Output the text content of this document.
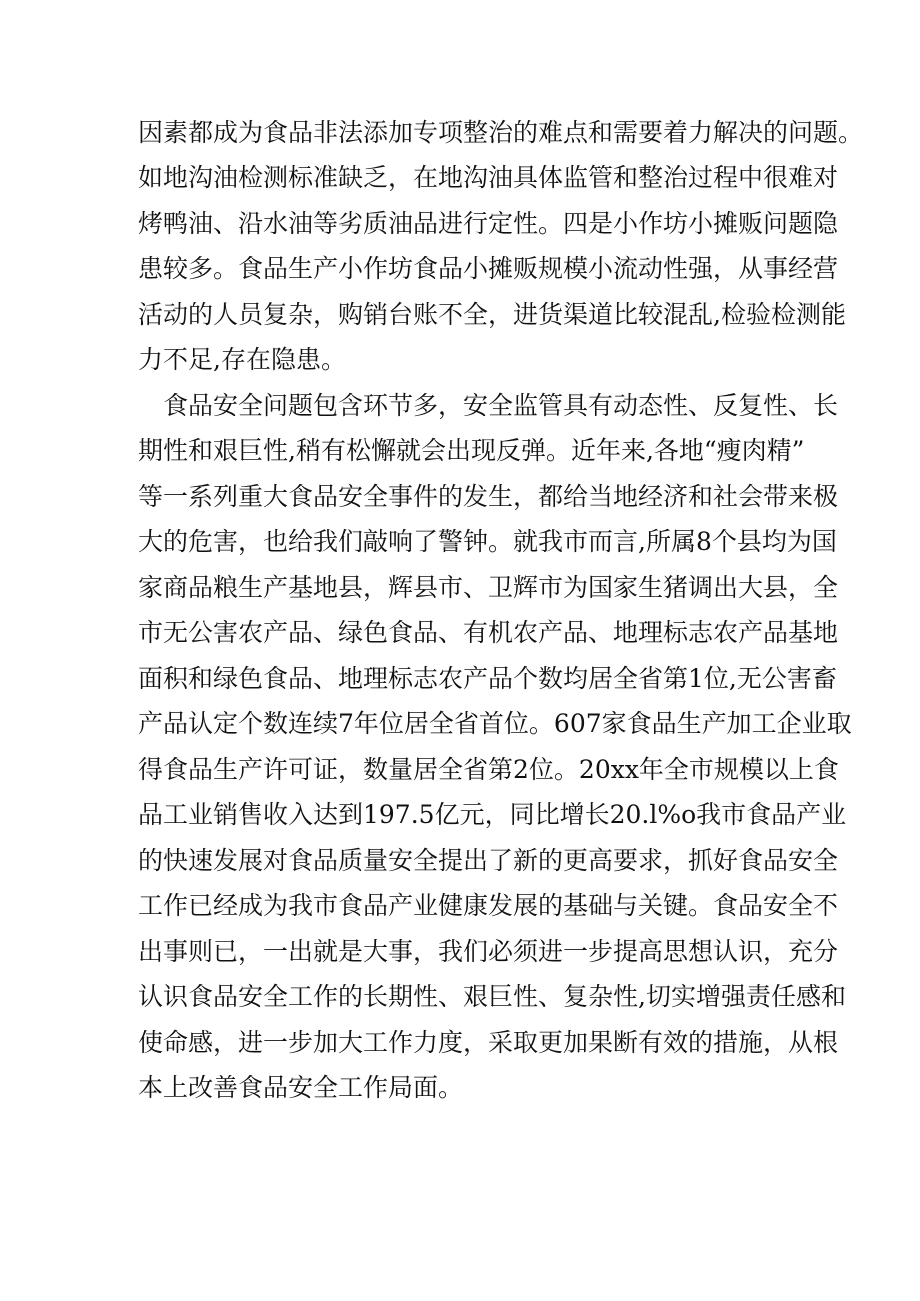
因素都成为食品非法添加专项整治的难点和需要着力解决的问题。
如地沟油检测标准缺乏，在地沟油具体监管和整治过程中很难对
烤鸭油、沿水油等劣质油品进行定性。四是小作坊小摊贩问题隐
患较多。食品生产小作坊食品小摊贩规模小流动性强，从事经营
活动的人员复杂，购销台账不全，进货渠道比较混乱,检验检测能
力不足,存在隐患。
食品安全问题包含环节多，安全监管具有动态性、反复性、长
期性和艰巨性,稍有松懈就会出现反弹。近年来,各地“瘦肉精”
等一系列重大食品安全事件的发生，都给当地经济和社会带来极
大的危害，也给我们敲响了警钟。就我市而言,所属8个县均为国
家商品粮生产基地县，辉县市、卫辉市为国家生猪调出大县，全
市无公害农产品、绿色食品、有机农产品、地理标志农产品基地
面积和绿色食品、地理标志农产品个数均居全省第1位,无公害畜
产品认定个数连续7年位居全省首位。607家食品生产加工企业取
得食品生产许可证，数量居全省第2位。20xx年全市规模以上食
品工业销售收入达到197.5亿元，同比增长20.l%o我市食品产业
的快速发展对食品质量安全提出了新的更高要求，抓好食品安全
工作已经成为我市食品产业健康发展的基础与关键。食品安全不
出事则已，一出就是大事，我们必须进一步提高思想认识，充分
认识食品安全工作的长期性、艰巨性、复杂性,切实增强责任感和
使命感，进一步加大工作力度，采取更加果断有效的措施，从根
本上改善食品安全工作局面。
